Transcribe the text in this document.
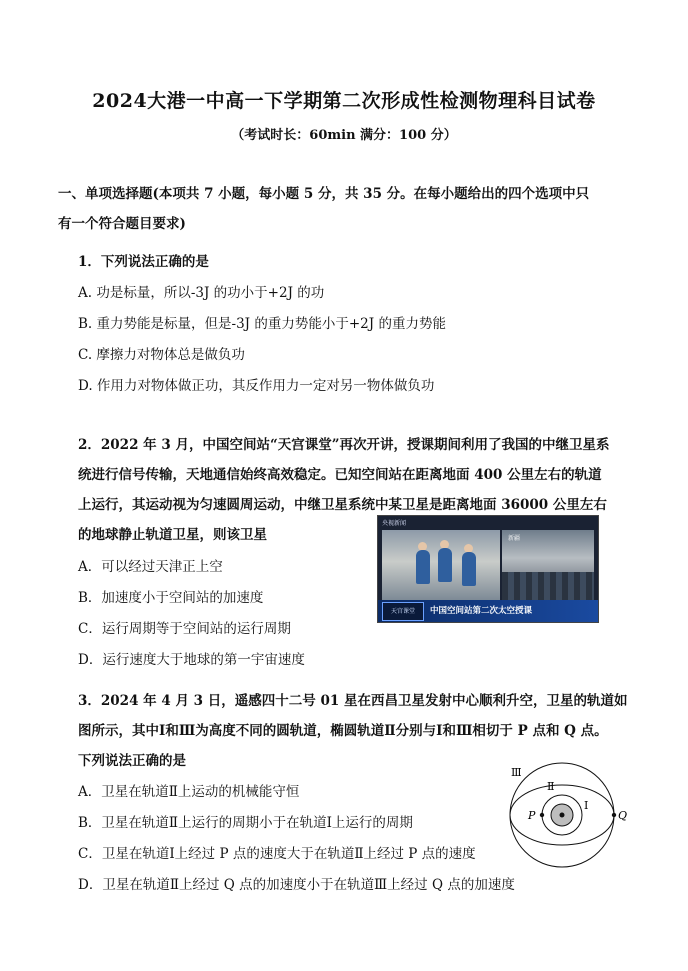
2024大港一中高一下学期第二次形成性检测物理科目试卷
（考试时长：60min 满分：100 分）
一、单项选择题(本项共 7 小题，每小题 5 分，共 35 分。在每小题给出的四个选项中只
有一个符合题目要求)
1．下列说法正确的是
A. 功是标量，所以-3J 的功小于+2J 的功
B. 重力势能是标量，但是-3J 的重力势能小于+2J 的重力势能
C. 摩擦力对物体总是做负功
D. 作用力对物体做正功，其反作用力一定对另一物体做负功
2．2022 年 3 月，中国空间站“天宫课堂”再次开讲，授课期间利用了我国的中继卫星系
统进行信号传输，天地通信始终高效稳定。已知空间站在距离地面 400 公里左右的轨道
上运行，其运动视为匀速圆周运动，中继卫星系统中某卫星是距离地面 36000 公里左右
的地球静止轨道卫星，则该卫星
A．可以经过天津正上空
B．加速度小于空间站的加速度
C．运行周期等于空间站的运行周期
D．运行速度大于地球的第一宇宙速度
央视新闻
新疆
天宫课堂	中国空间站第二次太空授课
3．2024 年 4 月 3 日，遥感四十二号 01 星在西昌卫星发射中心顺利升空，卫星的轨道如
图所示，其中Ⅰ和Ⅲ为高度不同的圆轨道，椭圆轨道Ⅱ分别与Ⅰ和Ⅲ相切于 P 点和 Q 点。
下列说法正确的是
A．卫星在轨道Ⅱ上运动的机械能守恒
B．卫星在轨道Ⅱ上运行的周期小于在轨道Ⅰ上运行的周期
C．卫星在轨道Ⅰ上经过 P 点的速度大于在轨道Ⅱ上经过 P 点的速度
D．卫星在轨道Ⅱ上经过 Q 点的加速度小于在轨道Ⅲ上经过 Q 点的加速度
Ⅲ
Ⅱ
Ⅰ
P	Q
